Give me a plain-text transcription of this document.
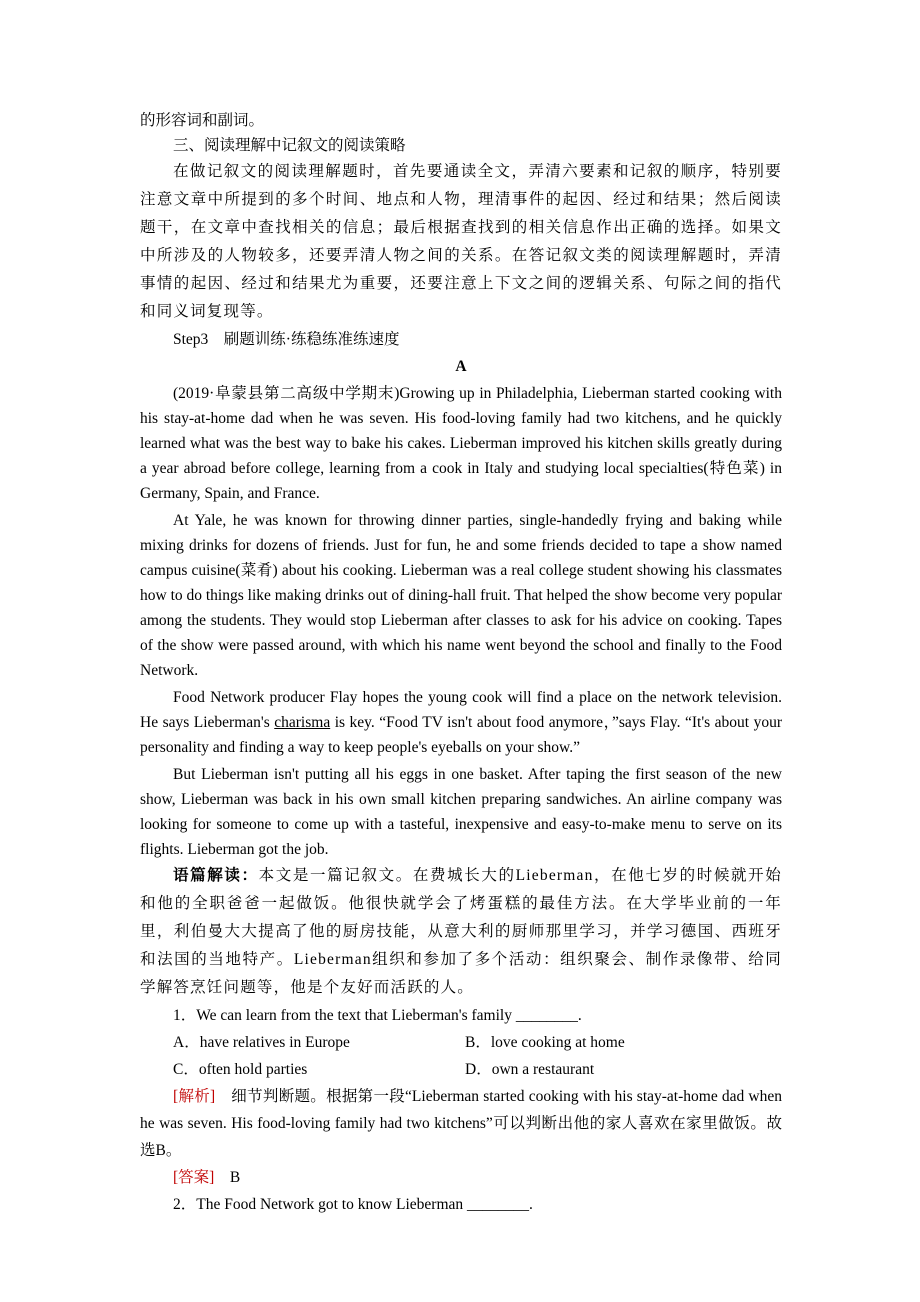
的形容词和副词。

三、阅读理解中记叙文的阅读策略

在做记叙文的阅读理解题时，首先要通读全文，弄清六要素和记叙的顺序，特别要注意文章中所提到的多个时间、地点和人物，理清事件的起因、经过和结果；然后阅读题干，在文章中查找相关的信息；最后根据查找到的相关信息作出正确的选择。如果文中所涉及的人物较多，还要弄清人物之间的关系。在答记叙文类的阅读理解题时，弄清事情的起因、经过和结果尤为重要，还要注意上下文之间的逻辑关系、句际之间的指代和同义词复现等。

Step3　刷题训练·练稳练准练速度

A

(2019·阜蒙县第二高级中学期末)Growing up in Philadelphia, Lieberman started cooking with his stay-at-home dad when he was seven. His food-loving family had two kitchens, and he quickly learned what was the best way to bake his cakes. Lieberman improved his kitchen skills greatly during a year abroad before college, learning from a cook in Italy and studying local specialties(特色菜) in Germany, Spain, and France.

At Yale, he was known for throwing dinner parties, single-handedly frying and baking while mixing drinks for dozens of friends. Just for fun, he and some friends decided to tape a show named campus cuisine(菜肴) about his cooking. Lieberman was a real college student showing his classmates how to do things like making drinks out of dining-hall fruit. That helped the show become very popular among the students. They would stop Lieberman after classes to ask for his advice on cooking. Tapes of the show were passed around, with which his name went beyond the school and finally to the Food Network.

Food Network producer Flay hopes the young cook will find a place on the network television. He says Lieberman's charisma is key. “Food TV isn't about food anymore，”says Flay. “It's about your personality and finding a way to keep people's eyeballs on your show.”

But Lieberman isn't putting all his eggs in one basket. After taping the first season of the new show, Lieberman was back in his own small kitchen preparing sandwiches. An airline company was looking for someone to come up with a tasteful, inexpensive and easy-to-make menu to serve on its flights. Lieberman got the job.

语篇解读：本文是一篇记叙文。在费城长大的Lieberman，在他七岁的时候就开始和他的全职爸爸一起做饭。他很快就学会了烤蛋糕的最佳方法。在大学毕业前的一年里，利伯曼大大提高了他的厨房技能，从意大利的厨师那里学习，并学习德国、西班牙和法国的当地特产。Lieberman组织和参加了多个活动：组织聚会、制作录像带、给同学解答烹饪问题等，他是个友好而活跃的人。

1．We can learn from the text that Lieberman's family ________.

A．have relatives in Europe	B．love cooking at home
C．often hold parties	D．own a restaurant

[解析]　细节判断题。根据第一段“Lieberman started cooking with his stay-at-home dad when he was seven. His food-loving family had two kitchens”可以判断出他的家人喜欢在家里做饭。故选B。

[答案]　B

2．The Food Network got to know Lieberman ________.
